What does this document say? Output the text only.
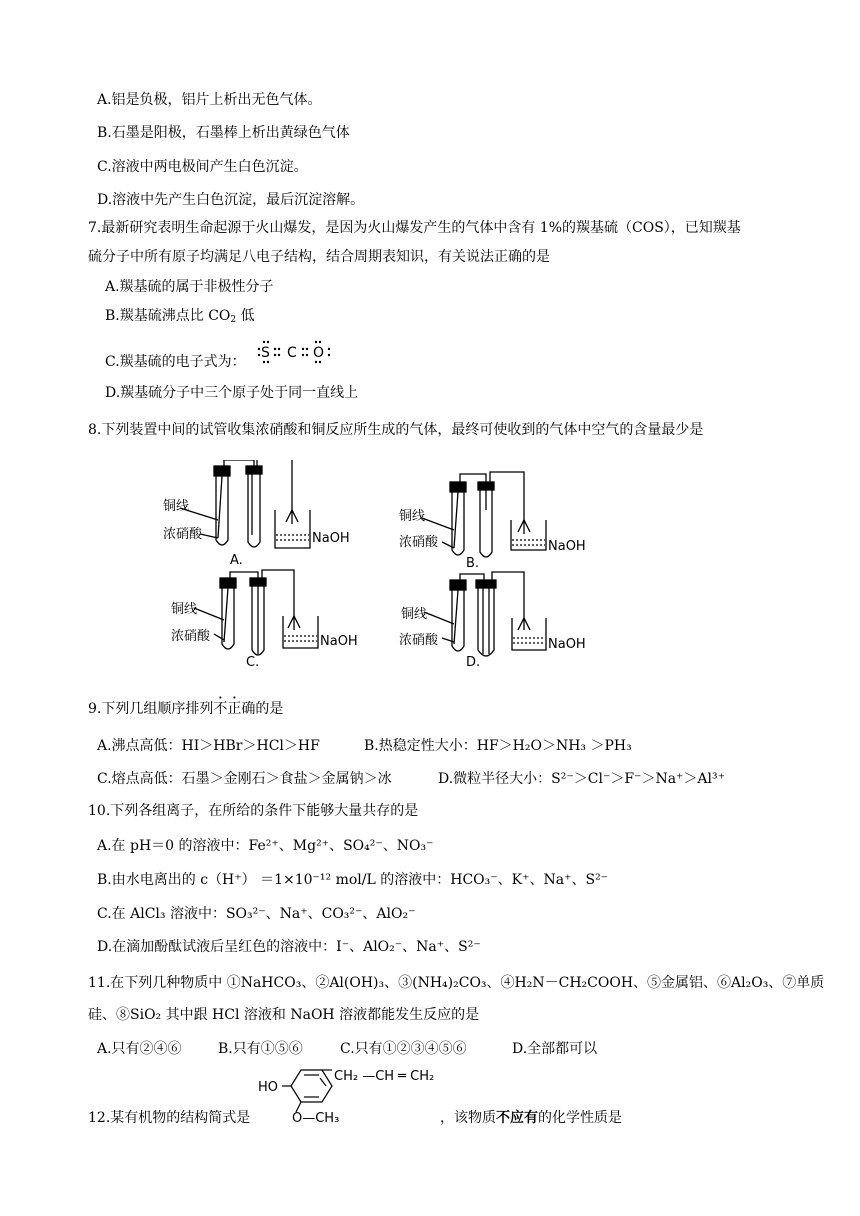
A.铝是负极，铝片上析出无色气体。
B.石墨是阳极，石墨棒上析出黄绿色气体
C.溶液中两电极间产生白色沉淀。
D.溶液中先产生白色沉淀，最后沉淀溶解。
7.最新研究表明生命起源于火山爆发，是因为火山爆发产生的气体中含有 1%的羰基硫（COS），已知羰基
硫分子中所有原子均满足八电子结构，结合周期表知识，有关说法正确的是
A.羰基硫的属于非极性分子
B.羰基硫沸点比 $CO_2$ 低
C.羰基硫的电子式为：
S C O
D.羰基硫分子中三个原子处于同一直线上
8.下列装置中间的试管收集浓硝酸和铜反应所生成的气体，最终可使收到的气体中空气的含量最少是
铜线
浓硝酸	NaOH
A.
铜线
浓硝酸	NaOH
B.
铜线
浓硝酸	NaOH
C.
铜线
浓硝酸	NaOH
D.
9.下列几组顺序排列不正确的是
A.沸点高低：HI＞HBr＞HCl＞HF	B.热稳定性大小：HF＞H₂O＞NH₃ ＞PH₃
C.熔点高低：石墨＞金刚石＞食盐＞金属钠＞冰	D.微粒半径大小：S²⁻＞Cl⁻＞F⁻＞Na⁺＞Al³⁺
10.下列各组离子，在所给的条件下能够大量共存的是
A.在 pH＝0 的溶液中：Fe²⁺、Mg²⁺、SO₄²⁻、NO₃⁻
B.由水电离出的 c（H⁺） ＝1×10⁻¹² mol/L 的溶液中：HCO₃⁻、K⁺、Na⁺、S²⁻
C.在 AlCl₃ 溶液中：SO₃²⁻、Na⁺、CO₃²⁻、AlO₂⁻
D.在滴加酚酞试液后呈红色的溶液中：I⁻、AlO₂⁻、Na⁺、S²⁻
11.在下列几种物质中 ①NaHCO₃、②Al(OH)₃、③(NH₄)₂CO₃、④H₂N－CH₂COOH、⑤金属铝、⑥Al₂O₃、⑦单质
硅、⑧SiO₂ 其中跟 HCl 溶液和 NaOH 溶液都能发生反应的是
A.只有②④⑥	B.只有①⑤⑥	C.只有①②③④⑤⑥	D.全部都可以
12.某有机物的结构简式是
HO
CH₂ —CH ═ CH₂
O—CH₃	，该物质不应有的化学性质是
